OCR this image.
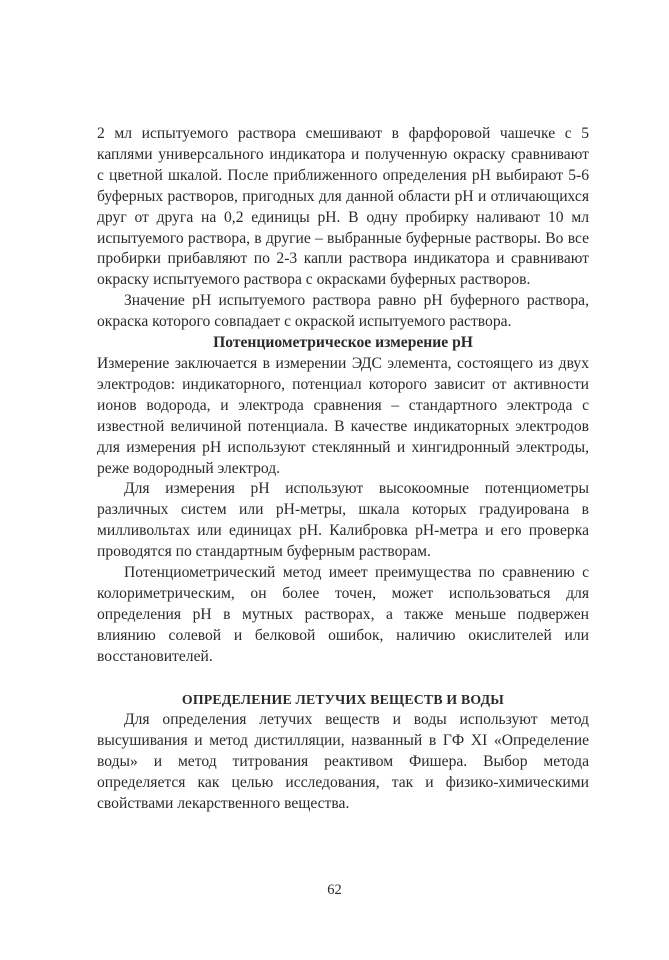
2 мл испытуемого раствора смешивают в фарфоровой чашечке с 5 каплями универсального индикатора и полученную окраску сравнивают с цветной шкалой. После приближенного определения pH выбирают 5-6 буферных растворов, пригодных для данной области pH и отличающихся друг от друга на 0,2 единицы pH. В одну пробирку наливают 10 мл испытуемого раствора, в другие – выбранные буферные растворы. Во все пробирки прибавляют по 2-3 капли раствора индикатора и сравнивают окраску испытуемого раствора с окрасками буферных растворов.

Значение pH испытуемого раствора равно pH буферного раствора, окраска которого совпадает с окраской испытуемого раствора.

Потенциометрическое измерение pH

Измерение заключается в измерении ЭДС элемента, состоящего из двух электродов: индикаторного, потенциал которого зависит от активности ионов водорода, и электрода сравнения – стандартного электрода с известной величиной потенциала. В качестве индикаторных электродов для измерения pH используют стеклянный и хингидронный электроды, реже водородный электрод.

Для измерения pH используют высокоомные потенциометры различных систем или pH-метры, шкала которых градуирована в милливольтах или единицах pH. Калибровка pH-метра и его проверка проводятся по стандартным буферным растворам.

Потенциометрический метод имеет преимущества по сравнению с колориметрическим, он более точен, может использоваться для определения pH в мутных растворах, а также меньше подвержен влиянию солевой и белковой ошибок, наличию окислителей или восстановителей.

ОПРЕДЕЛЕНИЕ ЛЕТУЧИХ ВЕЩЕСТВ И ВОДЫ

Для определения летучих веществ и воды используют метод высушивания и метод дистилляции, названный в ГФ XI «Определение воды» и метод титрования реактивом Фишера. Выбор метода определяется как целью исследования, так и физико-химическими свойствами лекарственного вещества.

62
